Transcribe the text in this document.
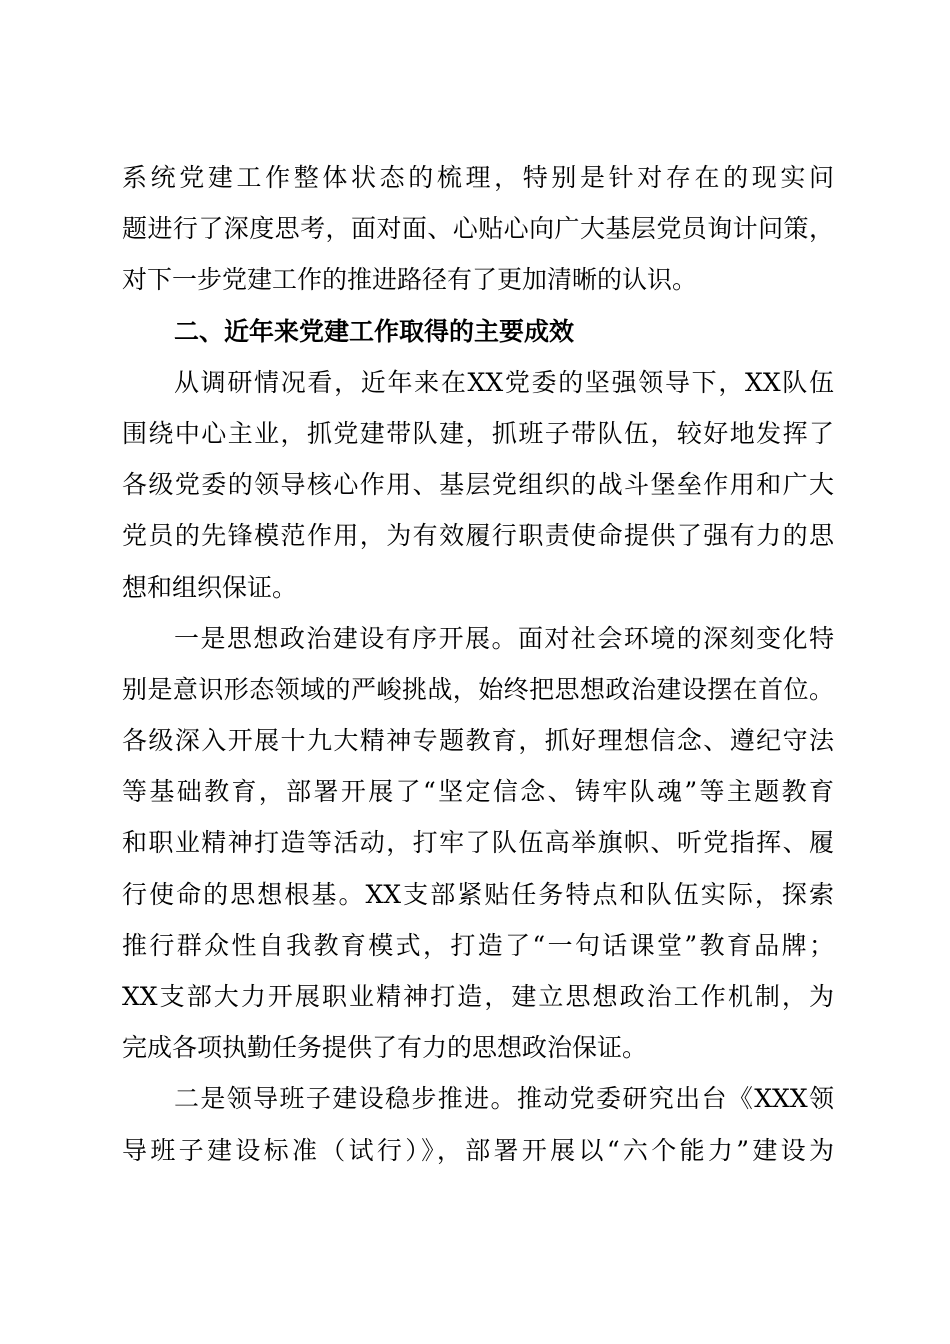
系统党建工作整体状态的梳理，特别是针对存在的现实问
题进行了深度思考，面对面、心贴心向广大基层党员询计问策，
对下一步党建工作的推进路径有了更加清晰的认识。
二、近年来党建工作取得的主要成效
从调研情况看，近年来在XX党委的坚强领导下，XX队伍
围绕中心主业，抓党建带队建，抓班子带队伍，较好地发挥了
各级党委的领导核心作用、基层党组织的战斗堡垒作用和广大
党员的先锋模范作用，为有效履行职责使命提供了强有力的思
想和组织保证。
一是思想政治建设有序开展。面对社会环境的深刻变化特
别是意识形态领域的严峻挑战，始终把思想政治建设摆在首位。
各级深入开展十九大精神专题教育，抓好理想信念、遵纪守法
等基础教育，部署开展了“坚定信念、铸牢队魂”等主题教育
和职业精神打造等活动，打牢了队伍高举旗帜、听党指挥、履
行使命的思想根基。XX支部紧贴任务特点和队伍实际，探索
推行群众性自我教育模式，打造了“一句话课堂”教育品牌；
XX支部大力开展职业精神打造，建立思想政治工作机制，为
完成各项执勤任务提供了有力的思想政治保证。
二是领导班子建设稳步推进。推动党委研究出台《XXX领
导班子建设标准（试行）》，部署开展以“六个能力”建设为
